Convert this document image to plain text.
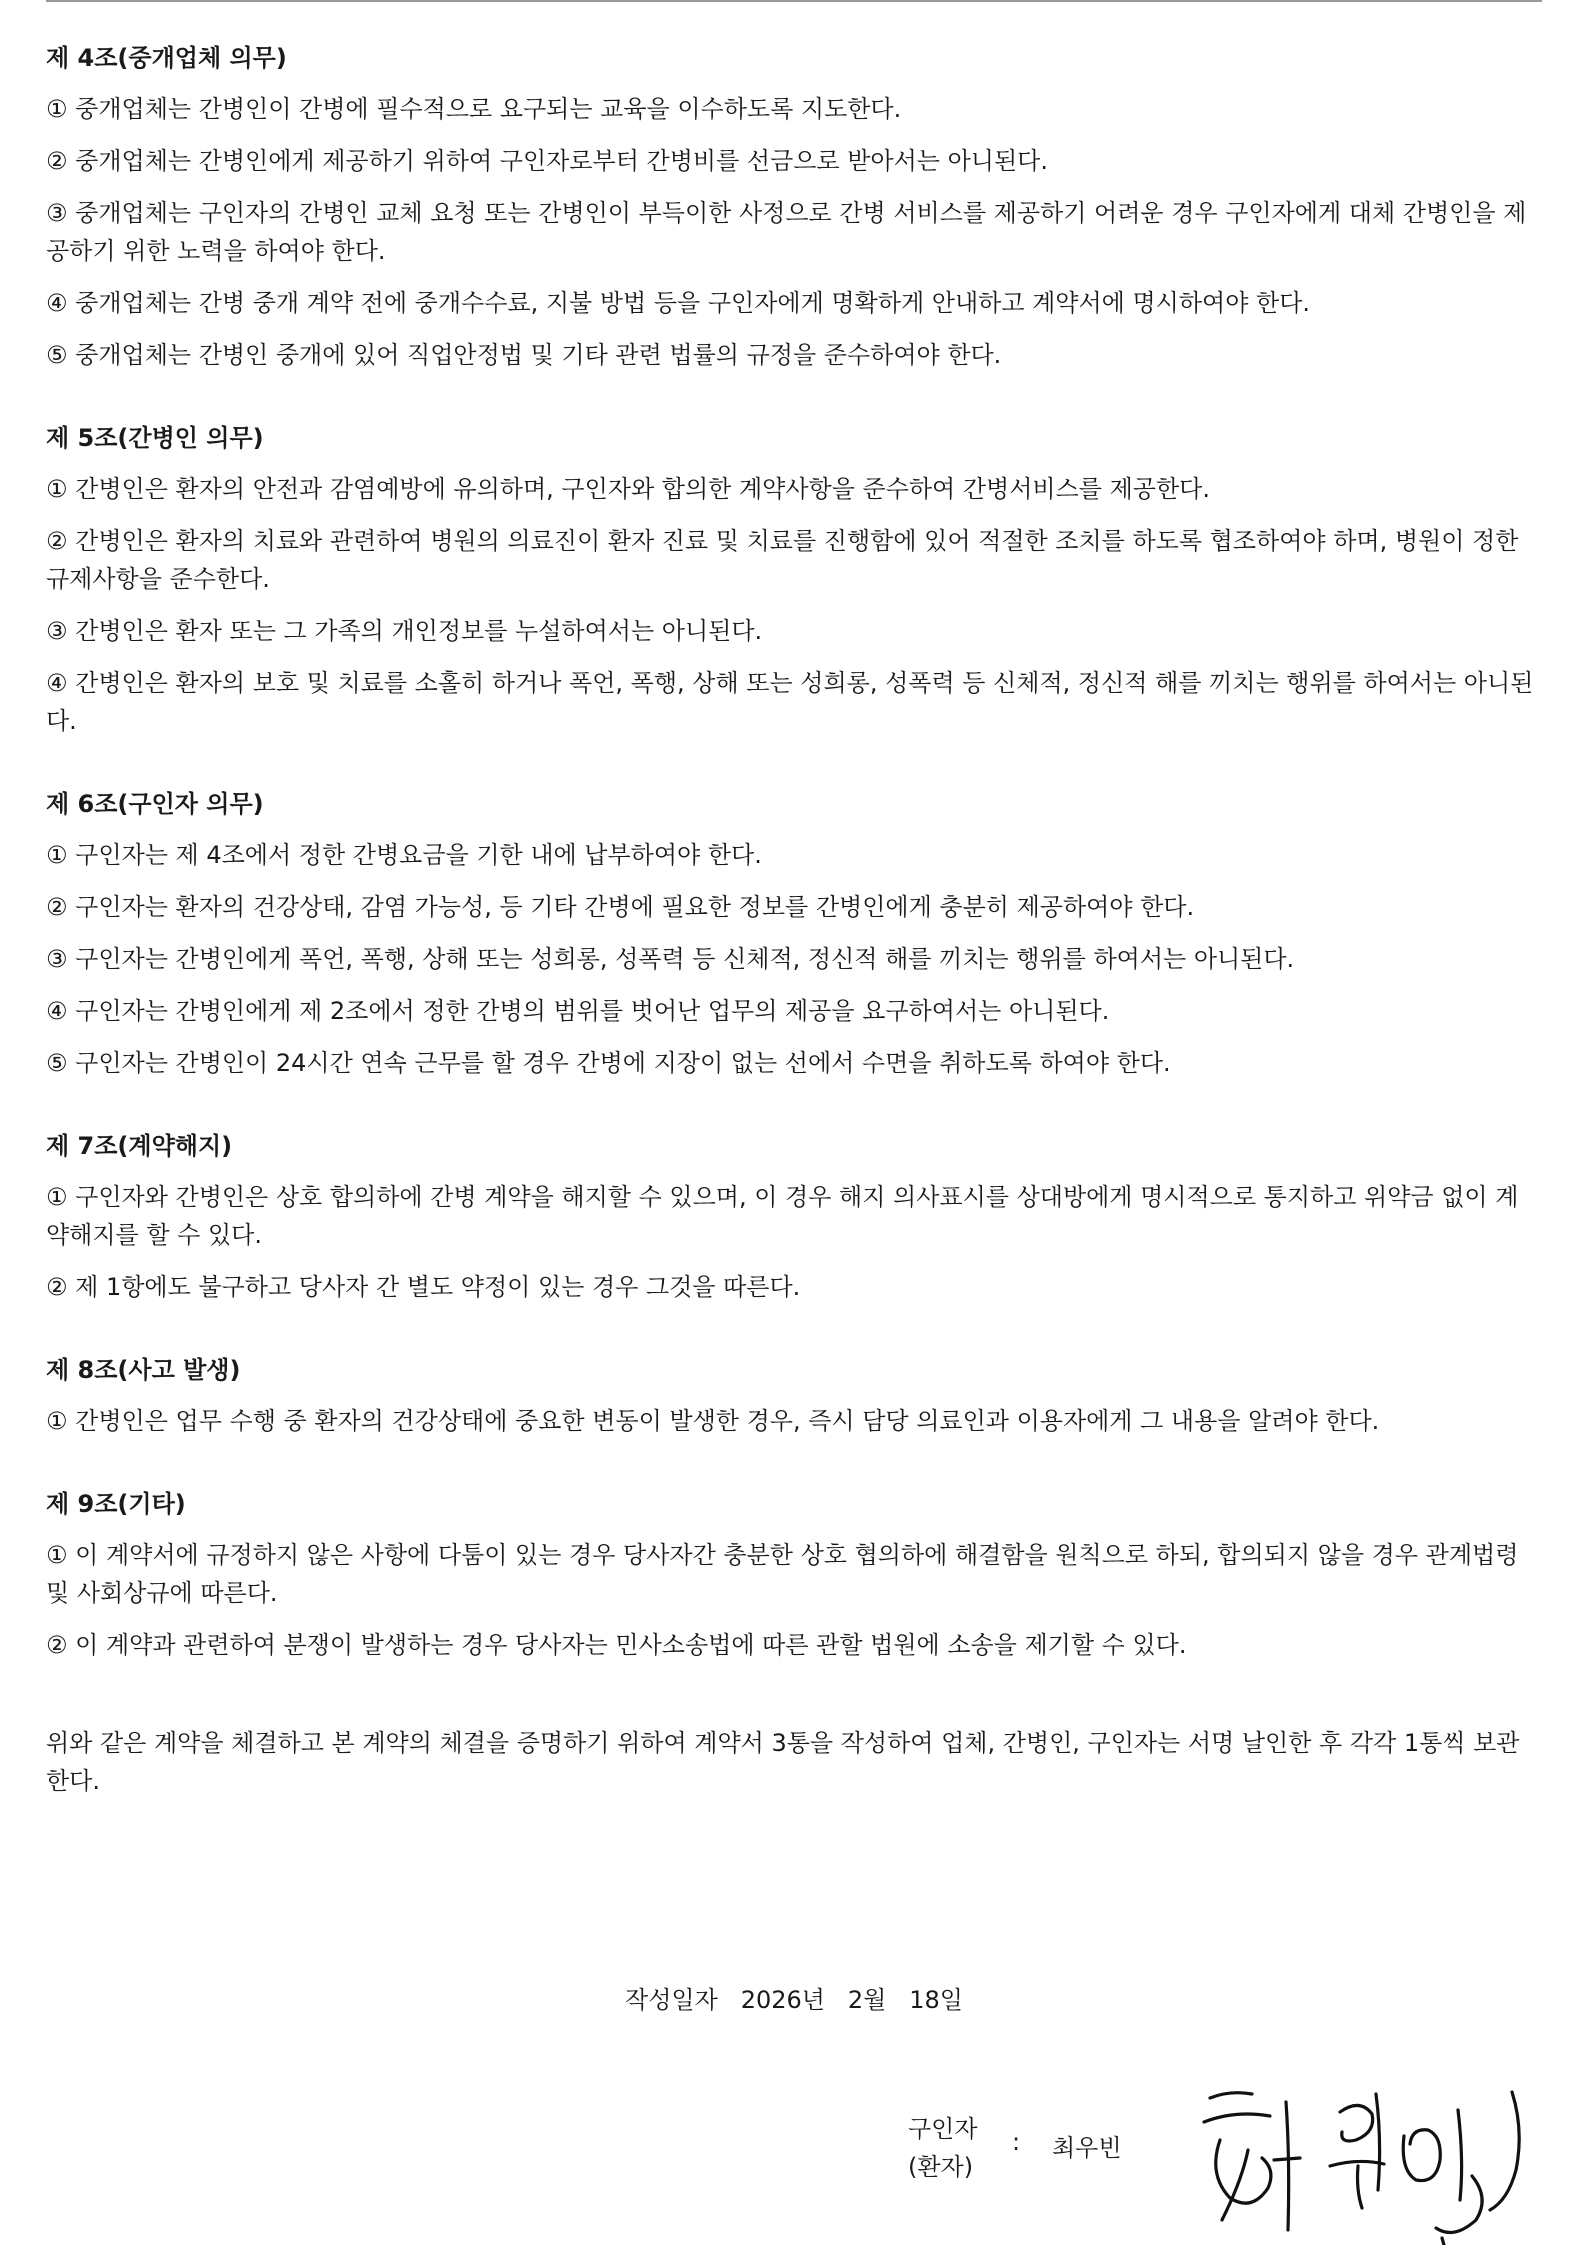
제 4조(중개업체 의무)
① 중개업체는 간병인이 간병에 필수적으로 요구되는 교육을 이수하도록 지도한다.
② 중개업체는 간병인에게 제공하기 위하여 구인자로부터 간병비를 선금으로 받아서는 아니된다.
③ 중개업체는 구인자의 간병인 교체 요청 또는 간병인이 부득이한 사정으로 간병 서비스를 제공하기 어려운 경우 구인자에게 대체 간병인을 제공하기 위한 노력을 하여야 한다.
④ 중개업체는 간병 중개 계약 전에 중개수수료, 지불 방법 등을 구인자에게 명확하게 안내하고 계약서에 명시하여야 한다.
⑤ 중개업체는 간병인 중개에 있어 직업안정법 및 기타 관련 법률의 규정을 준수하여야 한다.
제 5조(간병인 의무)
① 간병인은 환자의 안전과 감염예방에 유의하며, 구인자와 합의한 계약사항을 준수하여 간병서비스를 제공한다.
② 간병인은 환자의 치료와 관련하여 병원의 의료진이 환자 진료 및 치료를 진행함에 있어 적절한 조치를 하도록 협조하여야 하며, 병원이 정한 규제사항을 준수한다.
③ 간병인은 환자 또는 그 가족의 개인정보를 누설하여서는 아니된다.
④ 간병인은 환자의 보호 및 치료를 소홀히 하거나 폭언, 폭행, 상해 또는 성희롱, 성폭력 등 신체적, 정신적 해를 끼치는 행위를 하여서는 아니된다.
제 6조(구인자 의무)
① 구인자는 제 4조에서 정한 간병요금을 기한 내에 납부하여야 한다.
② 구인자는 환자의 건강상태, 감염 가능성, 등 기타 간병에 필요한 정보를 간병인에게 충분히 제공하여야 한다.
③ 구인자는 간병인에게 폭언, 폭행, 상해 또는 성희롱, 성폭력 등 신체적, 정신적 해를 끼치는 행위를 하여서는 아니된다.
④ 구인자는 간병인에게 제 2조에서 정한 간병의 범위를 벗어난 업무의 제공을 요구하여서는 아니된다.
⑤ 구인자는 간병인이 24시간 연속 근무를 할 경우 간병에 지장이 없는 선에서 수면을 취하도록 하여야 한다.
제 7조(계약해지)
① 구인자와 간병인은 상호 합의하에 간병 계약을 해지할 수 있으며, 이 경우 해지 의사표시를 상대방에게 명시적으로 통지하고 위약금 없이 계약해지를 할 수 있다.
② 제 1항에도 불구하고 당사자 간 별도 약정이 있는 경우 그것을 따른다.
제 8조(사고 발생)
① 간병인은 업무 수행 중 환자의 건강상태에 중요한 변동이 발생한 경우, 즉시 담당 의료인과 이용자에게 그 내용을 알려야 한다.
제 9조(기타)
① 이 계약서에 규정하지 않은 사항에 다툼이 있는 경우 당사자간 충분한 상호 협의하에 해결함을 원칙으로 하되, 합의되지 않을 경우 관계법령 및 사회상규에 따른다.
② 이 계약과 관련하여 분쟁이 발생하는 경우 당사자는 민사소송법에 따른 관할 법원에 소송을 제기할 수 있다.
위와 같은 계약을 체결하고 본 계약의 체결을 증명하기 위하여 계약서 3통을 작성하여 업체, 간병인, 구인자는 서명 날인한 후 각각 1통씩 보관한다.
작성일자 2026년 2월 18일
구인자
(환자)
: 최우빈
